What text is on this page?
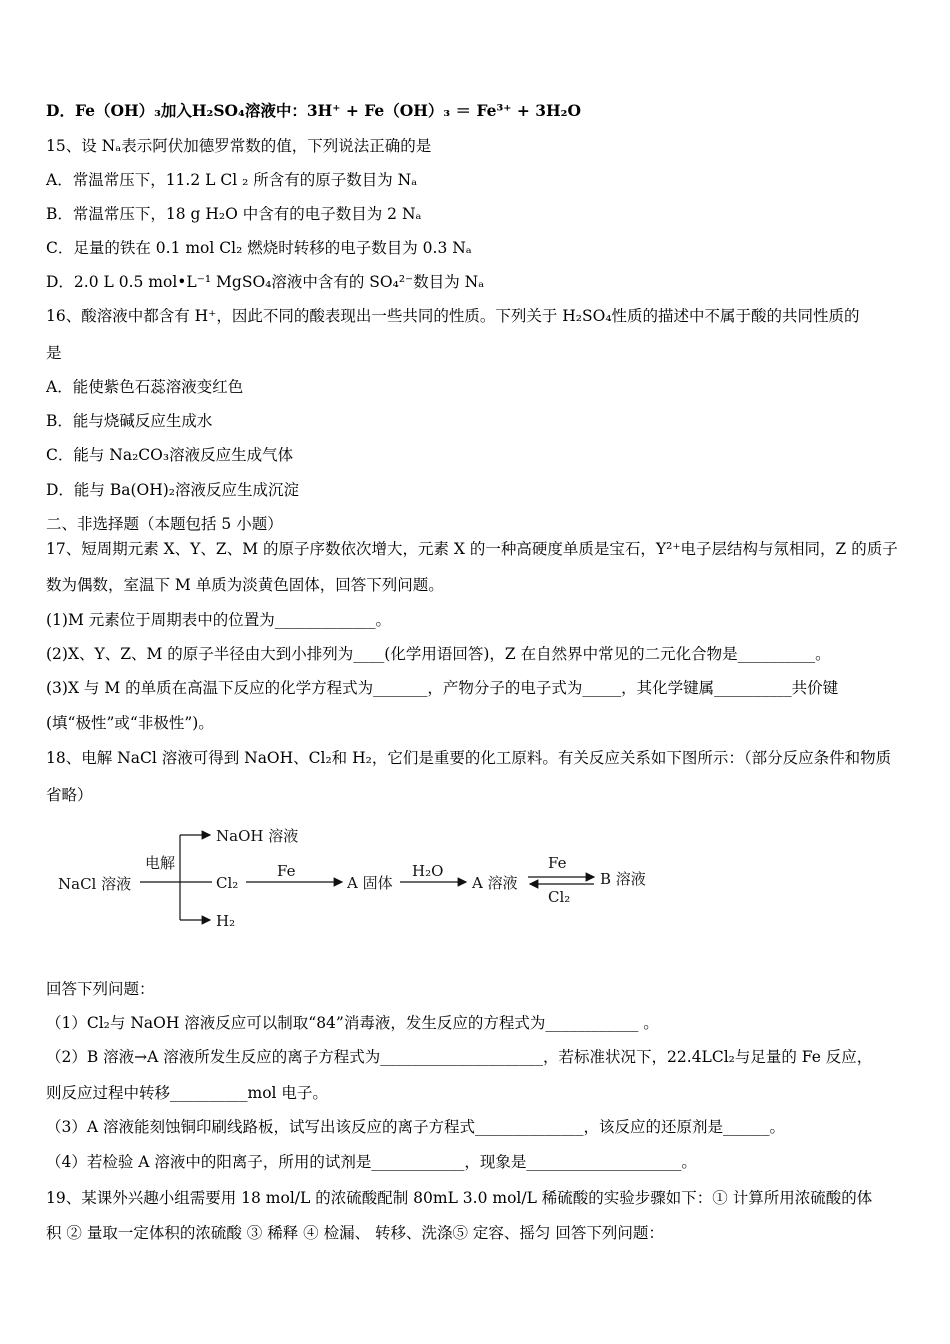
D．Fe（OH）₃加入H₂SO₄溶液中：3H⁺ + Fe（OH）₃ ＝ Fe³⁺ + 3H₂O
15、设 Nₐ表示阿伏加德罗常数的值，下列说法正确的是
A．常温常压下，11.2 L Cl ₂ 所含有的原子数目为 Nₐ
B．常温常压下，18 g H₂O 中含有的电子数目为 2 Nₐ
C．足量的铁在 0.1 mol Cl₂ 燃烧时转移的电子数目为 0.3 Nₐ
D．2.0 L 0.5 mol•L⁻¹ MgSO₄溶液中含有的 SO₄²⁻数目为 Nₐ
16、酸溶液中都含有 H⁺，因此不同的酸表现出一些共同的性质。下列关于 H₂SO₄性质的描述中不属于酸的共同性质的
是
A．能使紫色石蕊溶液变红色
B．能与烧碱反应生成水
C．能与 Na₂CO₃溶液反应生成气体
D．能与 Ba(OH)₂溶液反应生成沉淀
二、非选择题（本题包括 5 小题）
17、短周期元素 X、Y、Z、M 的原子序数依次增大，元素 X 的一种高硬度单质是宝石，Y²⁺电子层结构与氖相同，Z 的质子
数为偶数，室温下 M 单质为淡黄色固体，回答下列问题。
(1)M 元素位于周期表中的位置为_____________。
(2)X、Y、Z、M 的原子半径由大到小排列为____(化学用语回答)，Z 在自然界中常见的二元化合物是__________。
(3)X 与 M 的单质在高温下反应的化学方程式为_______，产物分子的电子式为_____，其化学键属__________共价键
(填“极性”或“非极性”)。
18、电解 NaCl 溶液可得到 NaOH、Cl₂和 H₂，它们是重要的化工原料。有关反应关系如下图所示：（部分反应条件和物质
省略）
NaCl 溶液
电解
NaOH 溶液
Cl₂
H₂
Fe
A 固体
H₂O
A 溶液
Fe
Cl₂
B 溶液
回答下列问题：
（1）Cl₂与 NaOH 溶液反应可以制取“84”消毒液，发生反应的方程式为____________ 。
（2）B 溶液→A 溶液所发生反应的离子方程式为_____________________，若标准状况下，22.4LCl₂与足量的 Fe 反应，
则反应过程中转移__________mol 电子。
（3）A 溶液能刻蚀铜印刷线路板，试写出该反应的离子方程式______________，该反应的还原剂是______。
（4）若检验 A 溶液中的阳离子，所用的试剂是____________，现象是____________________。
19、某课外兴趣小组需要用 18 mol/L 的浓硫酸配制 80mL 3.0 mol/L 稀硫酸的实验步骤如下：① 计算所用浓硫酸的体
积 ② 量取一定体积的浓硫酸 ③ 稀释 ④ 检漏、 转移、洗涤⑤ 定容、摇匀 回答下列问题：
